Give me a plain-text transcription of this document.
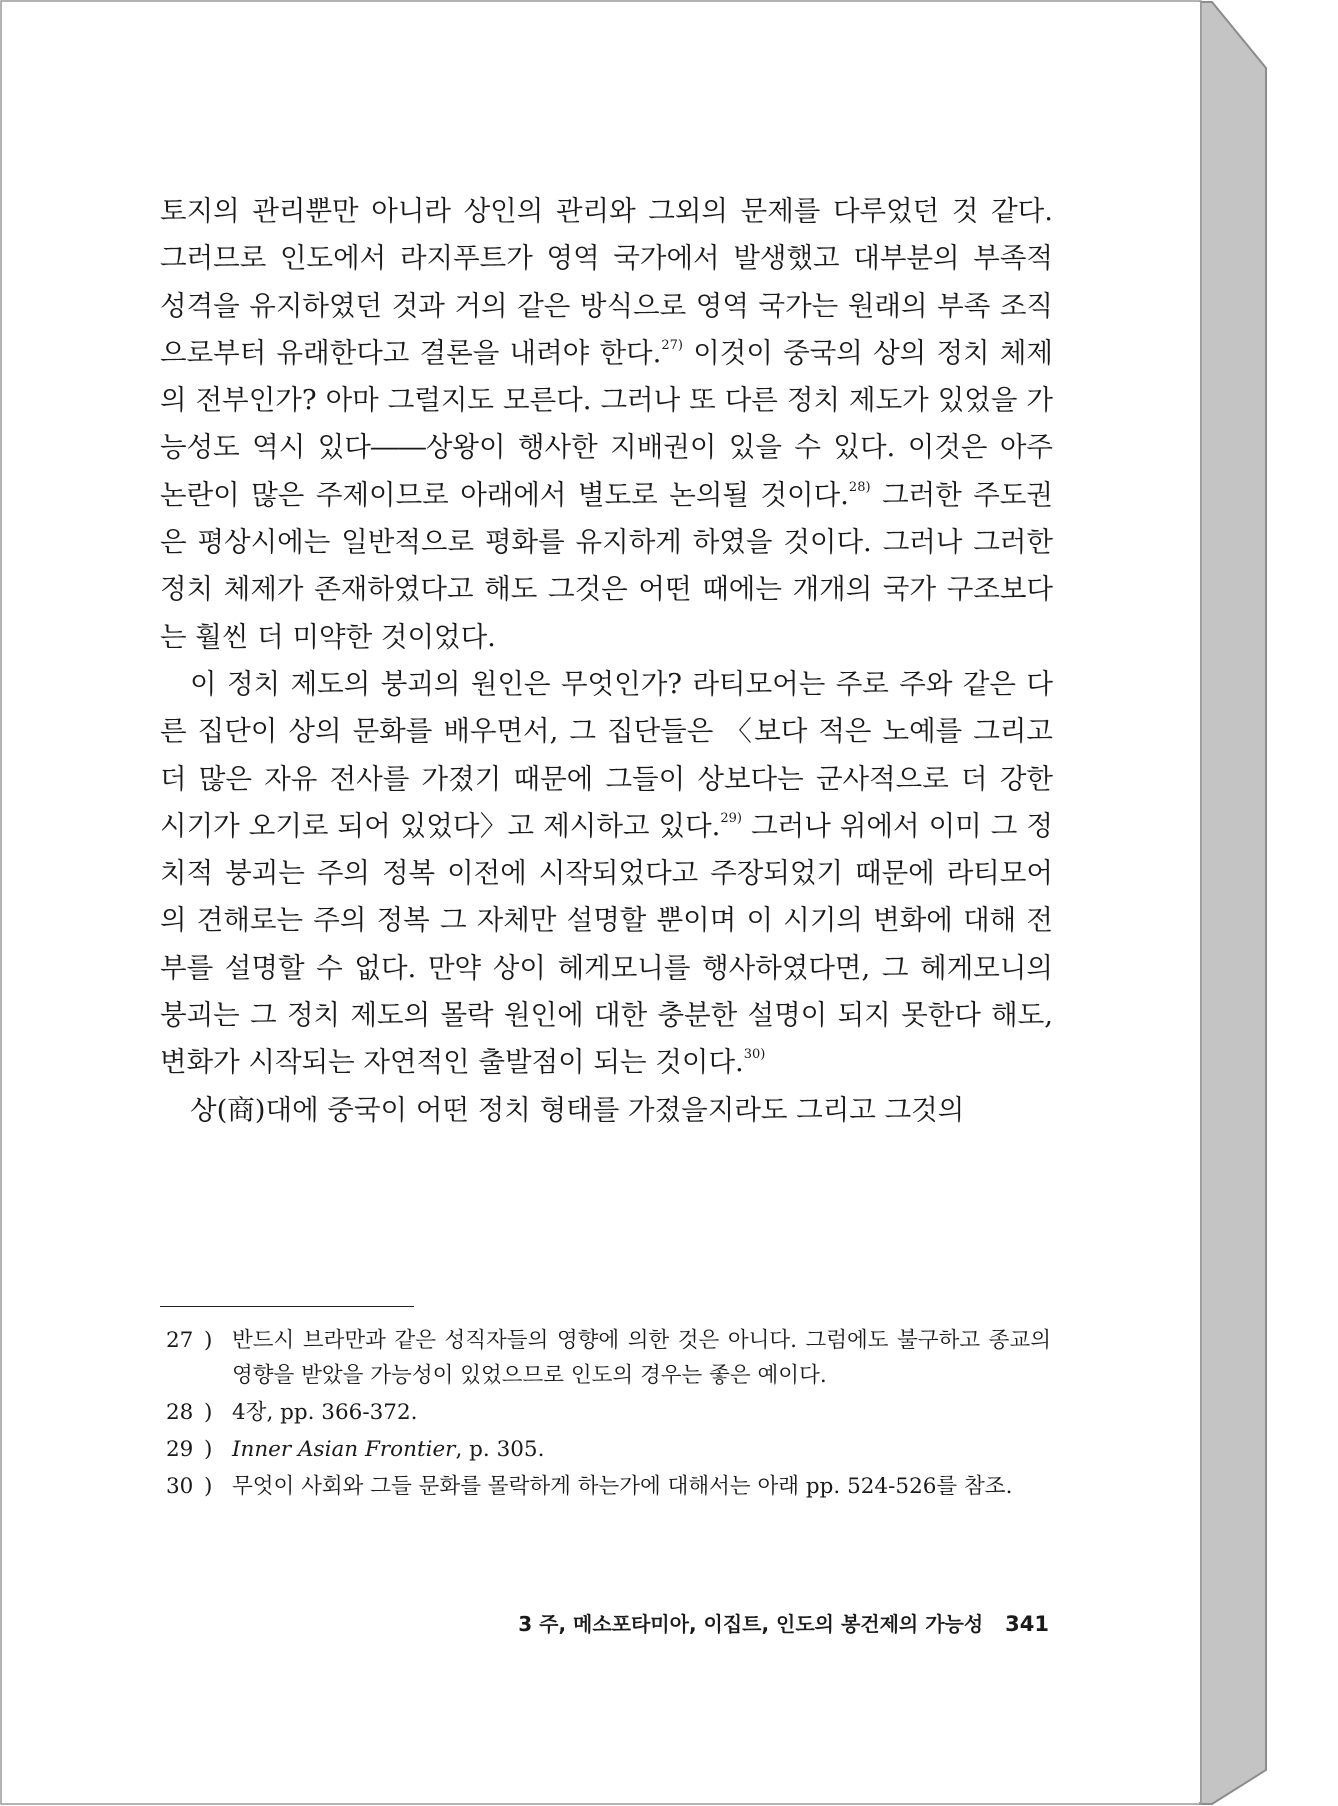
토지의 관리뿐만 아니라 상인의 관리와 그외의 문제를 다루었던 것 같다. 그러므로 인도에서 라지푸트가 영역 국가에서 발생했고 대부분의 부족적 성격을 유지하였던 것과 거의 같은 방식으로 영역 국가는 원래의 부족 조직으로부터 유래한다고 결론을 내려야 한다.$^{27)}$ 이것이 중국의 상의 정치 체제의 전부인가? 아마 그럴지도 모른다. 그러나 또 다른 정치 제도가 있었을 가능성도 역시 있다――상왕이 행사한 지배권이 있을 수 있다. 이것은 아주 논란이 많은 주제이므로 아래에서 별도로 논의될 것이다.$^{28)}$ 그러한 주도권은 평상시에는 일반적으로 평화를 유지하게 하였을 것이다. 그러나 그러한 정치 체제가 존재하였다고 해도 그것은 어떤 때에는 개개의 국가 구조보다는 훨씬 더 미약한 것이었다.

이 정치 제도의 붕괴의 원인은 무엇인가? 라티모어는 주로 주와 같은 다른 집단이 상의 문화를 배우면서, 그 집단들은 〈보다 적은 노예를 그리고 더 많은 자유 전사를 가졌기 때문에 그들이 상보다는 군사적으로 더 강한 시기가 오기로 되어 있었다〉고 제시하고 있다.$^{29)}$ 그러나 위에서 이미 그 정치적 붕괴는 주의 정복 이전에 시작되었다고 주장되었기 때문에 라티모어의 견해로는 주의 정복 그 자체만 설명할 뿐이며 이 시기의 변화에 대해 전부를 설명할 수 없다. 만약 상이 헤게모니를 행사하였다면, 그 헤게모니의 붕괴는 그 정치 제도의 몰락 원인에 대한 충분한 설명이 되지 못한다 해도, 변화가 시작되는 자연적인 출발점이 되는 것이다.$^{30)}$

상(商)대에 중국이 어떤 정치 형태를 가졌을지라도 그리고 그것의

27 ) 반드시 브라만과 같은 성직자들의 영향에 의한 것은 아니다. 그럼에도 불구하고 종교의 영향을 받았을 가능성이 있었으므로 인도의 경우는 좋은 예이다.
28 ) 4장, pp. 366-372.
29 ) Inner Asian Frontier, p. 305.
30 ) 무엇이 사회와 그들 문화를 몰락하게 하는가에 대해서는 아래 pp. 524-526를 참조.
3 주, 메소포타미아, 이집트, 인도의 봉건제의 가능성 341
